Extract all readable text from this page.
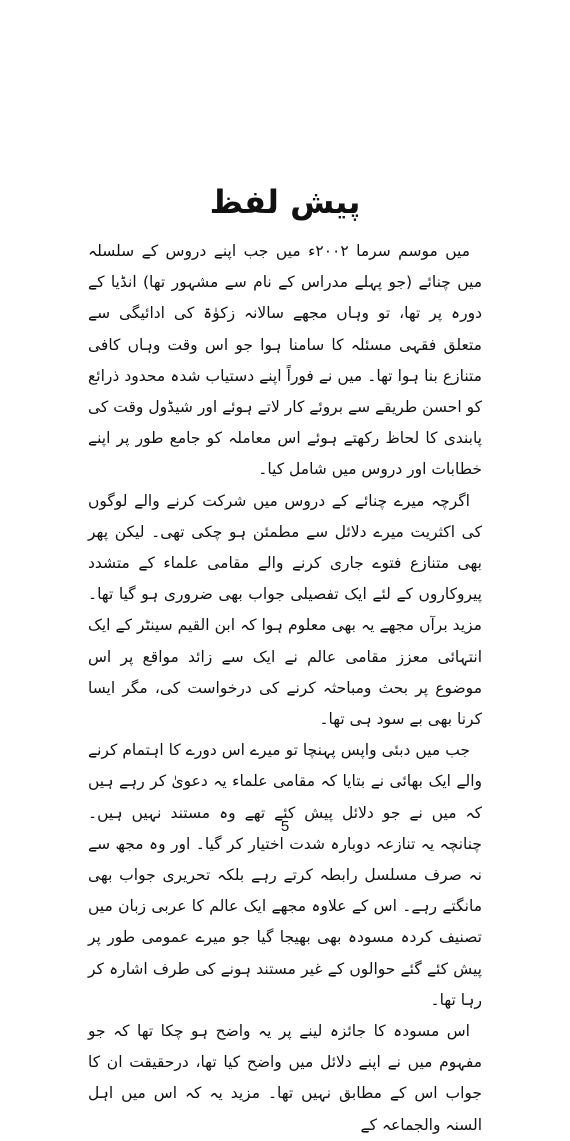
پیش لفظ

میں موسم سرما ۲۰۰۲ء میں جب اپنے دروس کے سلسلہ میں چنائے (جو پہلے مدراس کے نام سے مشہور تھا) انڈیا کے دورہ پر تھا، تو وہاں مجھے سالانہ زکوٰۃ کی ادائیگی سے متعلق فقہی مسئلہ کا سامنا ہوا جو اس وقت وہاں کافی متنازع بنا ہوا تھا۔ میں نے فوراً اپنے دستیاب شدہ محدود ذرائع کو احسن طریقے سے بروئے کار لاتے ہوئے اور شیڈول وقت کی پابندی کا لحاظ رکھتے ہوئے اس معاملہ کو جامع طور پر اپنے خطابات اور دروس میں شامل کیا۔

اگرچہ میرے چنائے کے دروس میں شرکت کرنے والے لوگوں کی اکثریت میرے دلائل سے مطمئن ہو چکی تھی۔ لیکن پھر بھی متنازع فتوے جاری کرنے والے مقامی علماء کے متشدد پیروکاروں کے لئے ایک تفصیلی جواب بھی ضروری ہو گیا تھا۔ مزید برآں مجھے یہ بھی معلوم ہوا کہ ابن القیم سینٹر کے ایک انتہائی معزز مقامی عالم نے ایک سے زائد مواقع پر اس موضوع پر بحث ومباحثہ کرنے کی درخواست کی، مگر ایسا کرنا بھی بے سود ہی تھا۔

جب میں دبئی واپس پہنچا تو میرے اس دورے کا اہتمام کرنے والے ایک بھائی نے بتایا کہ مقامی علماء یہ دعویٰ کر رہے ہیں کہ میں نے جو دلائل پیش کئے تھے وہ مستند نہیں ہیں۔ چنانچہ یہ تنازعہ دوبارہ شدت اختیار کر گیا۔ اور وہ مجھ سے نہ صرف مسلسل رابطہ کرتے رہے بلکہ تحریری جواب بھی مانگتے رہے۔ اس کے علاوہ مجھے ایک عالم کا عربی زبان میں تصنیف کردہ مسودہ بھی بھیجا گیا جو میرے عمومی طور پر پیش کئے گئے حوالوں کے غیر مستند ہونے کی طرف اشارہ کر رہا تھا۔

اس مسودہ کا جائزہ لینے پر یہ واضح ہو چکا تھا کہ جو مفہوم میں نے اپنے دلائل میں واضح کیا تھا، درحقیقت ان کا جواب اس کے مطابق نہیں تھا۔ مزید یہ کہ اس میں اہل السنہ والجماعہ کے

5
